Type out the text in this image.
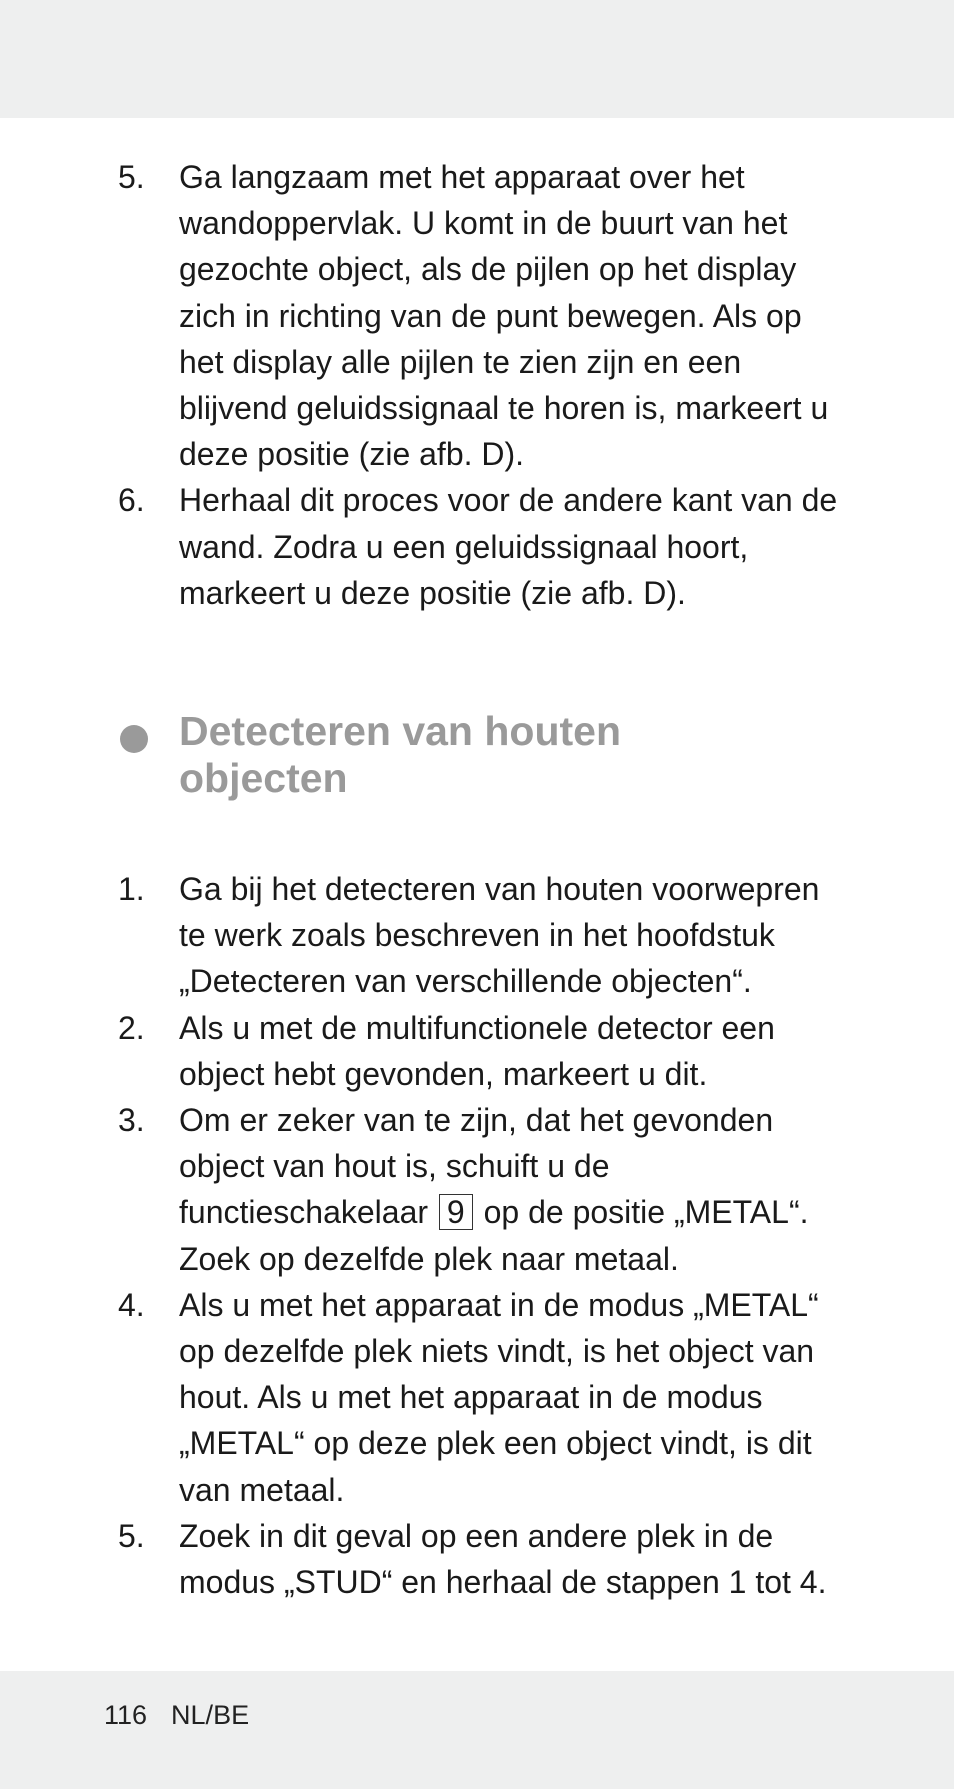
5. Ga langzaam met het apparaat over het wandoppervlak. U komt in de buurt van het gezochte object, als de pijlen op het display zich in richting van de punt bewegen. Als op het display alle pijlen te zien zijn en een blijvend geluidssignaal te horen is, markeert u deze positie (zie afb. D).
6. Herhaal dit proces voor de andere kant van de wand. Zodra u een geluidssignaal hoort, markeert u deze positie (zie afb. D).
Detecteren van houten
objecten
1. Ga bij het detecteren van houten voorwepren te werk zoals beschreven in het hoofdstuk „Detecteren van verschillende objecten“.
2. Als u met de multifunctionele detector een object hebt gevonden, markeert u dit.
3. Om er zeker van te zijn, dat het gevonden object van hout is, schuift u de functieschakelaar 9 op de positie „METAL“. Zoek op dezelfde plek naar metaal.
4. Als u met het apparaat in de modus „METAL“ op dezelfde plek niets vindt, is het object van hout. Als u met het apparaat in de modus „METAL“ op deze plek een object vindt, is dit van metaal.
5. Zoek in dit geval op een andere plek in de modus „STUD“ en herhaal de stappen 1 tot 4.
116 NL/BE
